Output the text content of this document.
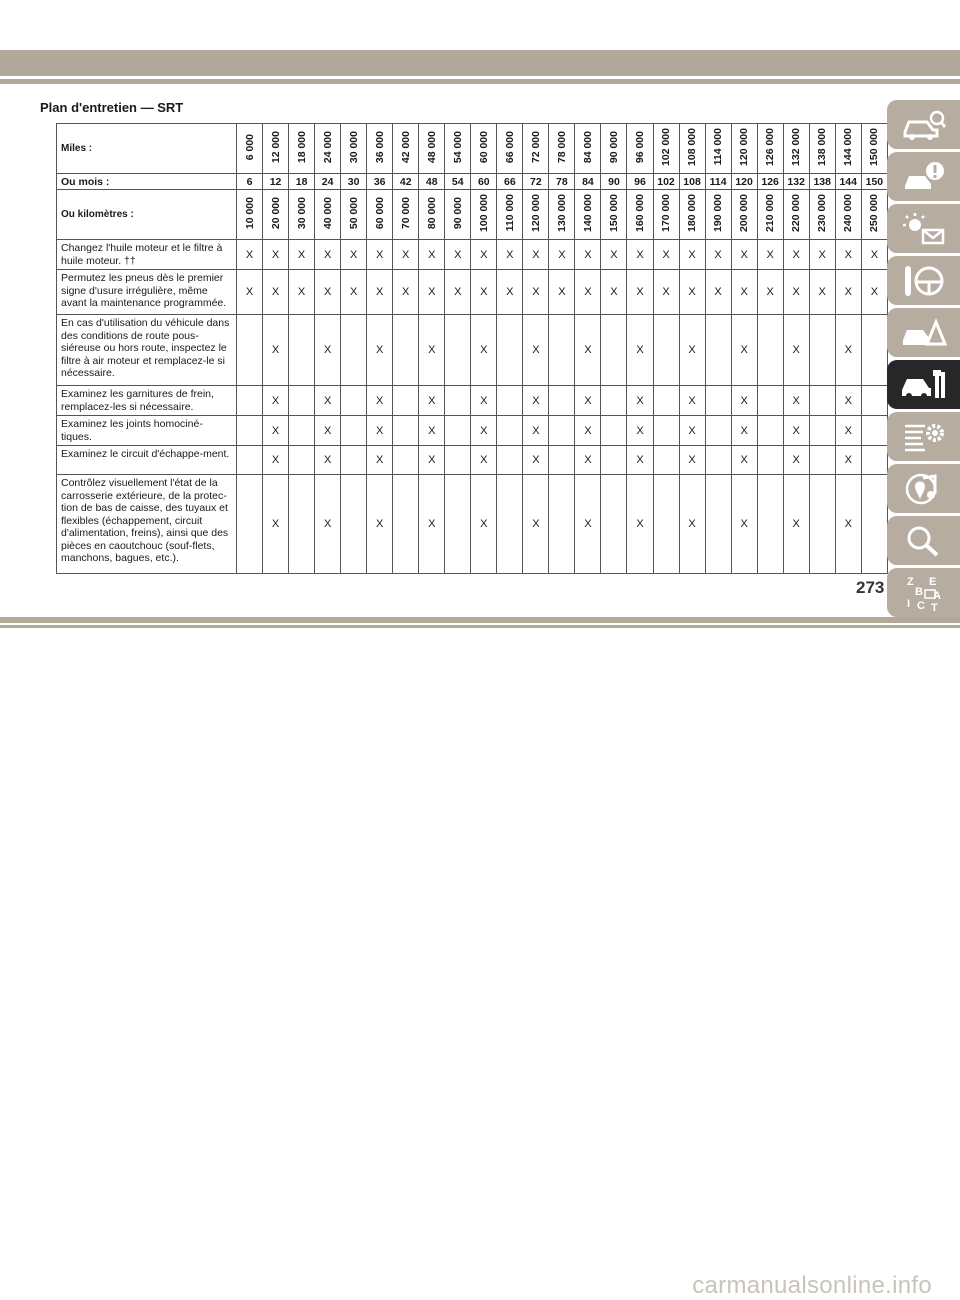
Plan d'entretien — SRT
Miles :	6 000	12 000	18 000	24 000	30 000	36 000	42 000	48 000	54 000	60 000	66 000	72 000	78 000	84 000	90 000	96 000	102 000	108 000	114 000	120 000	126 000	132 000	138 000	144 000	150 000
Ou mois :	6	12	18	24	30	36	42	48	54	60	66	72	78	84	90	96	102	108	114	120	126	132	138	144	150
Ou kilomètres :	10 000	20 000	30 000	40 000	50 000	60 000	70 000	80 000	90 000	100 000	110 000	120 000	130 000	140 000	150 000	160 000	170 000	180 000	190 000	200 000	210 000	220 000	230 000	240 000	250 000
Changez l'huile moteur et le filtre à huile moteur. ††	X	X	X	X	X	X	X	X	X	X	X	X	X	X	X	X	X	X	X	X	X	X	X	X	X
Permutez les pneus dès le premier signe d'usure irrégulière, même avant la maintenance programmée.	X	X	X	X	X	X	X	X	X	X	X	X	X	X	X	X	X	X	X	X	X	X	X	X	X
En cas d'utilisation du véhicule dans des conditions de route pous-siéreuse ou hors route, inspectez le filtre à air moteur et remplacez-le si nécessaire.		X		X		X		X		X		X		X		X		X		X		X		X	
Examinez les garnitures de frein, remplacez-les si nécessaire.		X		X		X		X		X		X		X		X		X		X		X		X	
Examinez les joints homociné-tiques.		X		X		X		X		X		X		X		X		X		X		X		X	
Examinez le circuit d'échappe-ment.		X		X		X		X		X		X		X		X		X		X		X		X	
Contrôlez visuellement l'état de la carrosserie extérieure, de la protec-tion de bas de caisse, des tuyaux et flexibles (échappement, circuit d'alimentation, freins), ainsi que des pièces en caoutchouc (souf-flets, manchons, bagues, etc.).		X		X		X		X		X		X		X		X		X		X		X		X	
Z E
B A
I C T
273
carmanualsonline.info
